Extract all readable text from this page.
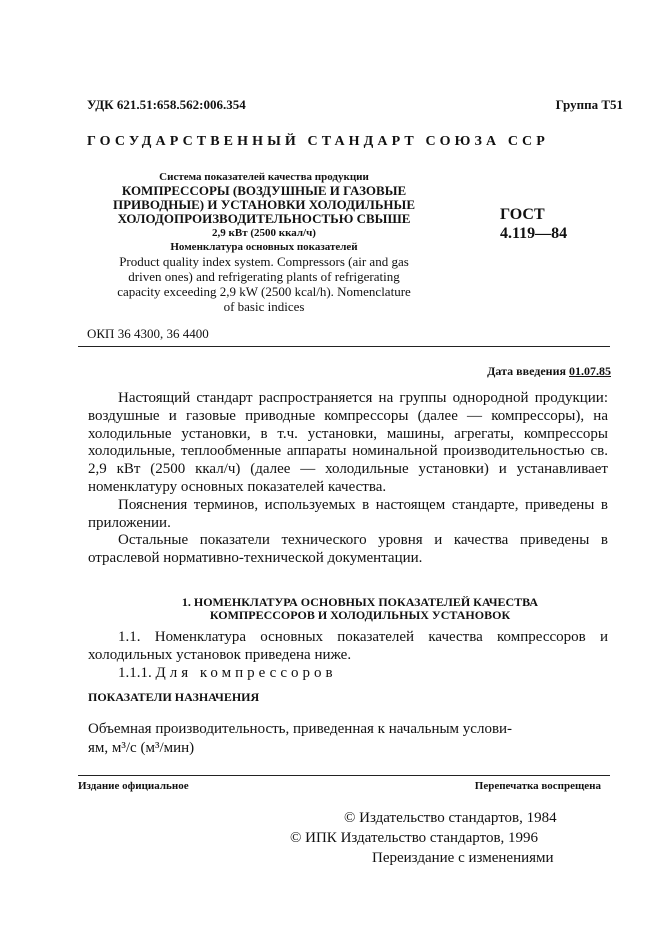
УДК 621.51:658.562:006.354	Группа Т51
ГОСУДАРСТВЕННЫЙ СТАНДАРТ СОЮЗА ССР
Система показателей качества продукции
КОМПРЕССОРЫ (ВОЗДУШНЫЕ И ГАЗОВЫЕ
ПРИВОДНЫЕ) И УСТАНОВКИ ХОЛОДИЛЬНЫЕ
ХОЛОДОПРОИЗВОДИТЕЛЬНОСТЬЮ СВЫШЕ
2,9 кВт (2500 ккал/ч)
Номенклатура основных показателей
Product quality index system. Compressors (air and gas
driven ones) and refrigerating plants of refrigerating
capacity exceeding 2,9 kW (2500 kcal/h). Nomenclature
of basic indices
ГОСТ
4.119—84
ОКП 36 4300, 36 4400
Дата введения 01.07.85

Настоящий стандарт распространяется на группы однородной продукции: воздушные и газовые приводные компрессоры (далее — компрессоры), на холодильные установки, в т.ч. установки, машины, агрегаты, компрессоры холодильные, теплообменные аппараты номинальной производительностью св. 2,9 кВт (2500 ккал/ч) (далее — холодильные установки) и устанавливает номенклатуру основных показателей качества.

Пояснения терминов, используемых в настоящем стандарте, приведены в приложении.

Остальные показатели технического уровня и качества приведены в отраслевой нормативно-технической документации.

1. НОМЕНКЛАТУРА ОСНОВНЫХ ПОКАЗАТЕЛЕЙ КАЧЕСТВА
КОМПРЕССОРОВ И ХОЛОДИЛЬНЫХ УСТАНОВОК

1.1. Номенклатура основных показателей качества компрессоров и холодильных установок приведена ниже.

1.1.1. Для компрессоров

ПОКАЗАТЕЛИ НАЗНАЧЕНИЯ
Объемная производительность, приведенная к начальным услови-
ям, м³/с (м³/мин)
Издание официальное	Перепечатка воспрещена
© Издательство стандартов, 1984
© ИПК Издательство стандартов, 1996
Переиздание с изменениями
